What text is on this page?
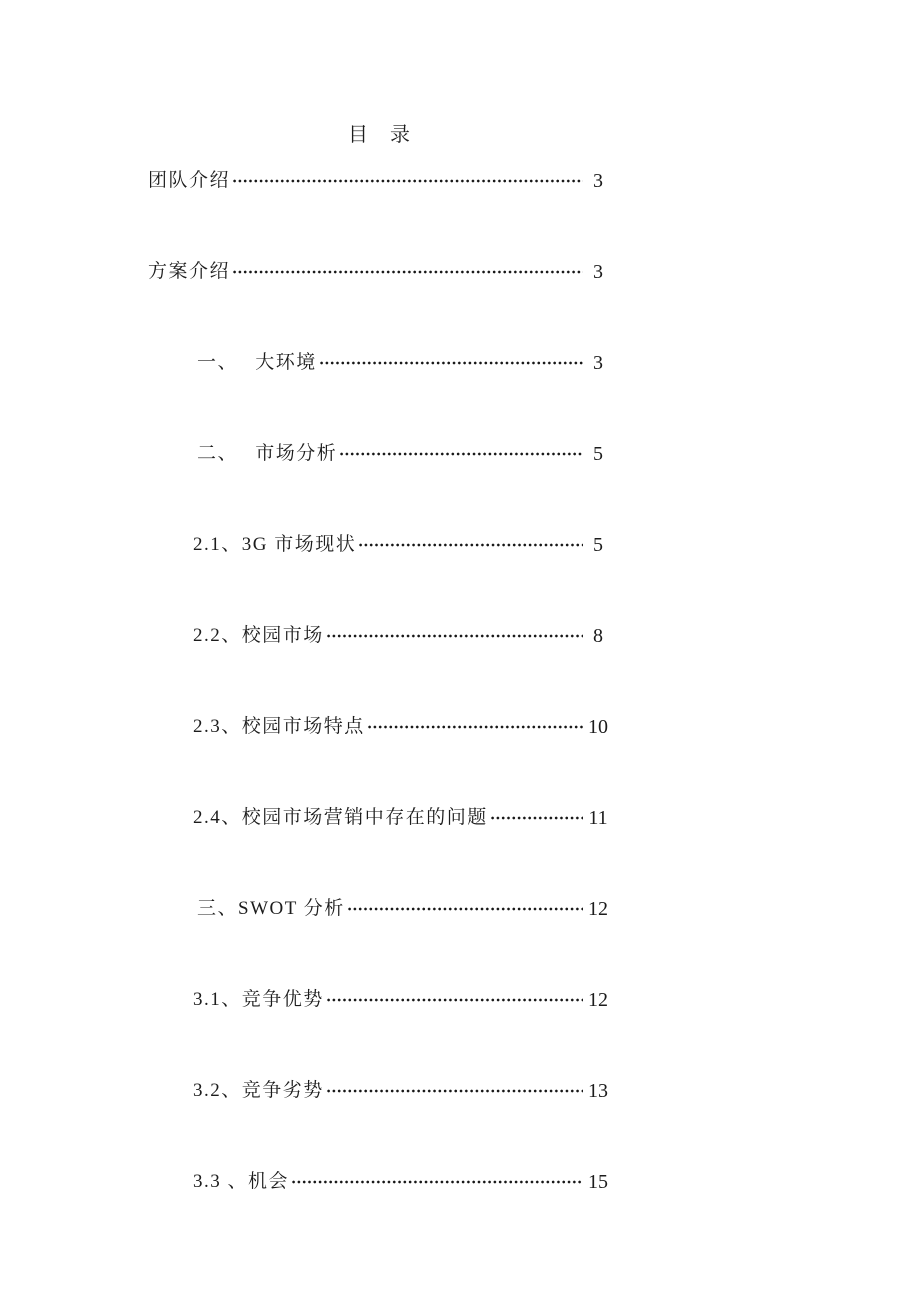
目　录
团队介绍	3
方案介绍	3
一、　 大环境	3
二、　 市场分析	5
2.1、3G 市场现状	5
2.2、校园市场	8
2.3、校园市场特点	10
2.4、校园市场营销中存在的问题	11
三、SWOT 分析	12
3.1、竞争优势	12
3.2、竞争劣势	13
3.3 、机会	15
